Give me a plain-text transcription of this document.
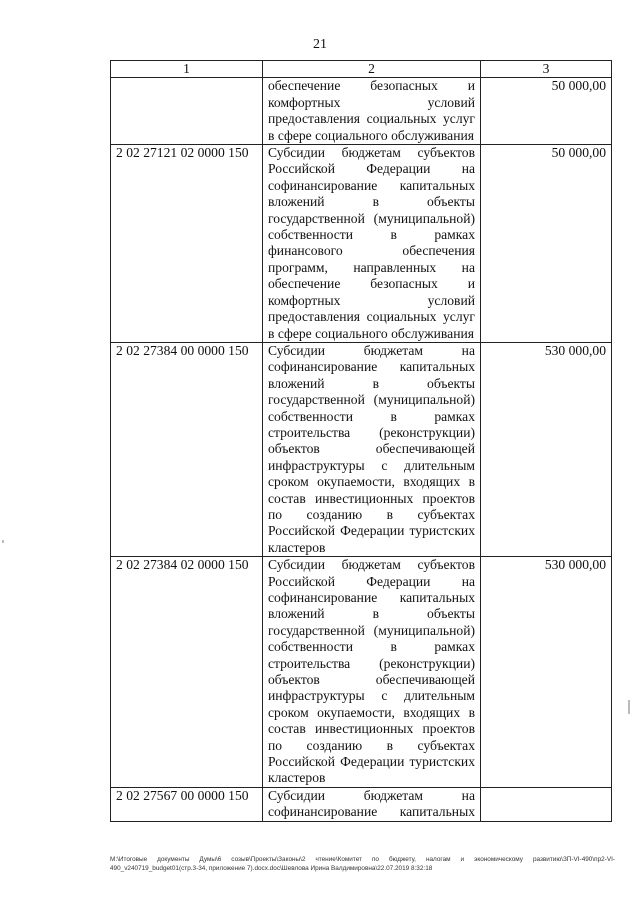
21
1	2	3

	обеспечение безопасных и комфортных условий предоставления социальных услуг в сфере социального обслуживания	50 000,00
2 02 27121 02 0000 150	Субсидии бюджетам субъектов Российской Федерации на софинансирование капитальных вложений в объекты государственной (муниципальной) собственности в рамках финансового обеспечения программ, направленных на обеспечение безопасных и комфортных условий предоставления социальных услуг в сфере социального обслуживания	50 000,00
2 02 27384 00 0000 150	Субсидии бюджетам на софинансирование капитальных вложений в объекты государственной (муниципальной) собственности в рамках строительства (реконструкции) объектов обеспечивающей инфраструктуры с длительным сроком окупаемости, входящих в состав инвестиционных проектов по созданию в субъектах Российской Федерации туристских кластеров	530 000,00
2 02 27384 02 0000 150	Субсидии бюджетам субъектов Российской Федерации на софинансирование капитальных вложений в объекты государственной (муниципальной) собственности в рамках строительства (реконструкции) объектов обеспечивающей инфраструктуры с длительным сроком окупаемости, входящих в состав инвестиционных проектов по созданию в субъектах Российской Федерации туристских кластеров	530 000,00
2 02 27567 00 0000 150	Субсидии бюджетам на софинансирование капитальных	

M:\Итоговые документы Думы\6 созыв\Проекты\Законы\2 чтение\Комитет по бюджету, налогам и экономическому развитию\ЗП-VI-490\пр2-VI-490_v240719_budget01(стр.3-34, приложение 7).docx.doc\Шевлова Ирина Валдимировна\22.07.2019 8:32:18
